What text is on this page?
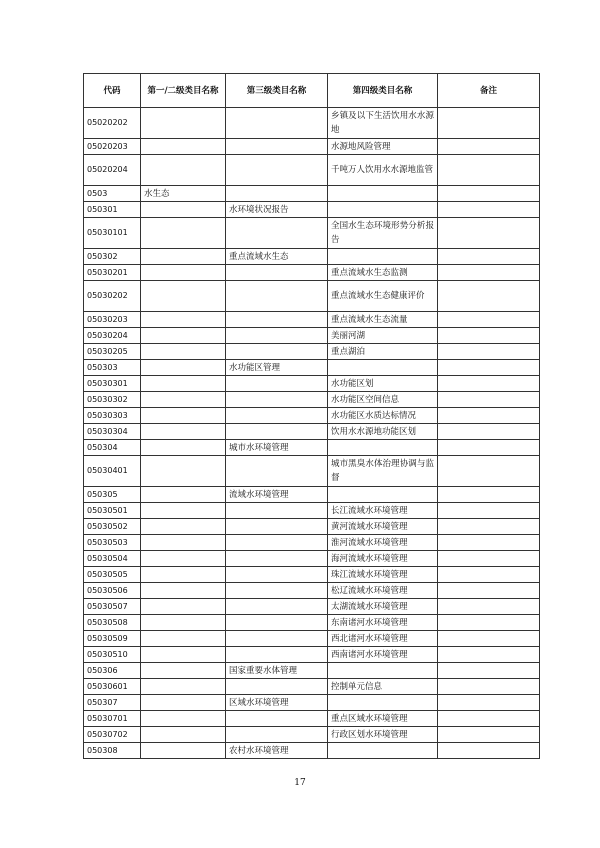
代码	第一/二级类目名称	第三级类目名称	第四级类目名称	备注
05020202			乡镇及以下生活饮用水水源地	
05020203			水源地风险管理	
05020204			千吨万人饮用水水源地监管	
0503	水生态			
050301		水环境状况报告		
05030101			全国水生态环境形势分析报告	
050302		重点流域水生态		
05030201			重点流域水生态监测	
05030202			重点流域水生态健康评价	
05030203			重点流域水生态流量	
05030204			美丽河湖	
05030205			重点湖泊	
050303		水功能区管理		
05030301			水功能区划	
05030302			水功能区空间信息	
05030303			水功能区水质达标情况	
05030304			饮用水水源地功能区划	
050304		城市水环境管理		
05030401			城市黑臭水体治理协调与监督	
050305		流域水环境管理		
05030501			长江流域水环境管理	
05030502			黄河流域水环境管理	
05030503			淮河流域水环境管理	
05030504			海河流域水环境管理	
05030505			珠江流域水环境管理	
05030506			松辽流域水环境管理	
05030507			太湖流域水环境管理	
05030508			东南诸河水环境管理	
05030509			西北诸河水环境管理	
05030510			西南诸河水环境管理	
050306		国家重要水体管理		
05030601			控制单元信息	
050307		区域水环境管理		
05030701			重点区域水环境管理	
05030702			行政区划水环境管理	
050308		农村水环境管理		
17
